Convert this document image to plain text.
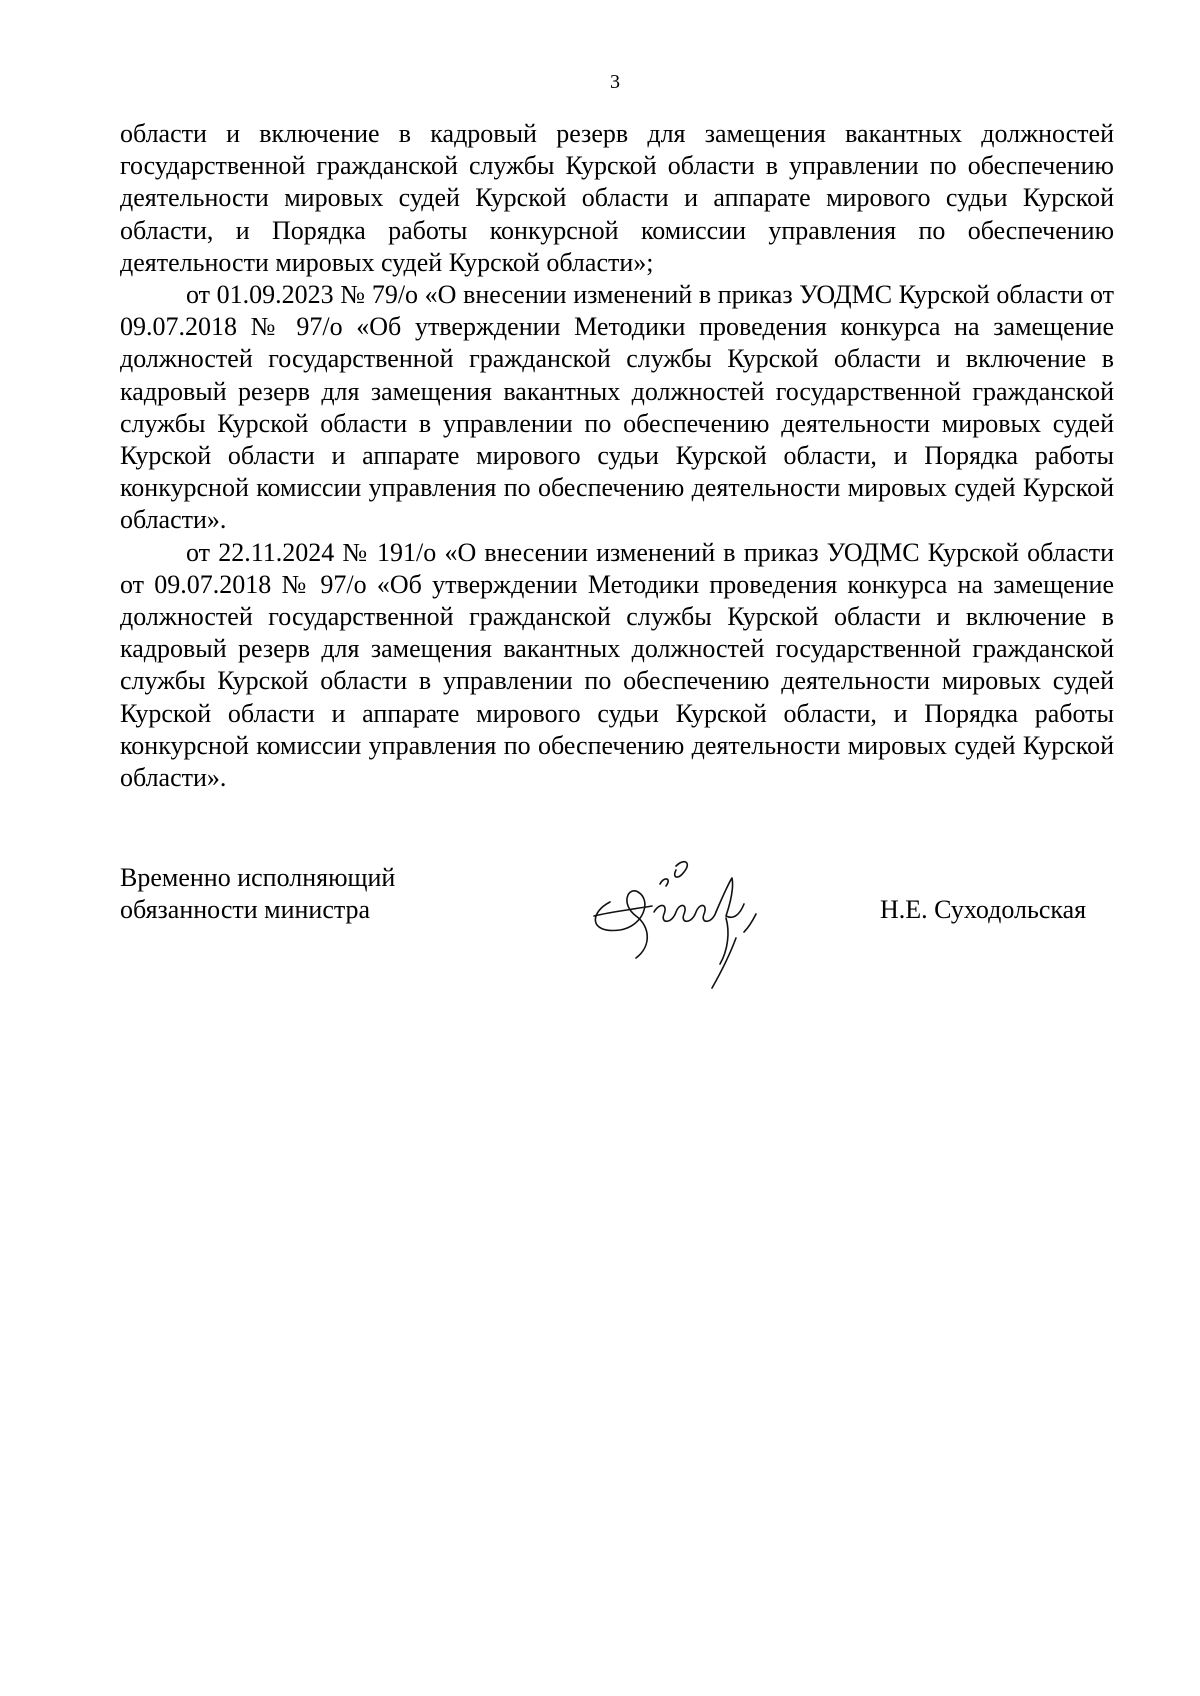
3

области и включение в кадровый резерв для замещения вакантных должностей государственной гражданской службы Курской области в управлении по обеспечению деятельности мировых судей Курской области и аппарате мирового судьи Курской области, и Порядка работы конкурсной комиссии управления по обеспечению деятельности мировых судей Курской области»;

от 01.09.2023 № 79/о «О внесении изменений в приказ УОДМС Курской области от 09.07.2018 № 97/о «Об утверждении Методики проведения конкурса на замещение должностей государственной гражданской службы Курской области и включение в кадровый резерв для замещения вакантных должностей государственной гражданской службы Курской области в управлении по обеспечению деятельности мировых судей Курской области и аппарате мирового судьи Курской области, и Порядка работы конкурсной комиссии управления по обеспечению деятельности мировых судей Курской области».

от 22.11.2024 № 191/о «О внесении изменений в приказ УОДМС Курской области от 09.07.2018 № 97/о «Об утверждении Методики проведения конкурса на замещение должностей государственной гражданской службы Курской области и включение в кадровый резерв для замещения вакантных должностей государственной гражданской службы Курской области в управлении по обеспечению деятельности мировых судей Курской области и аппарате мирового судьи Курской области, и Порядка работы конкурсной комиссии управления по обеспечению деятельности мировых судей Курской области».

Временно исполняющий
обязанности министра	Н.Е. Суходольская
